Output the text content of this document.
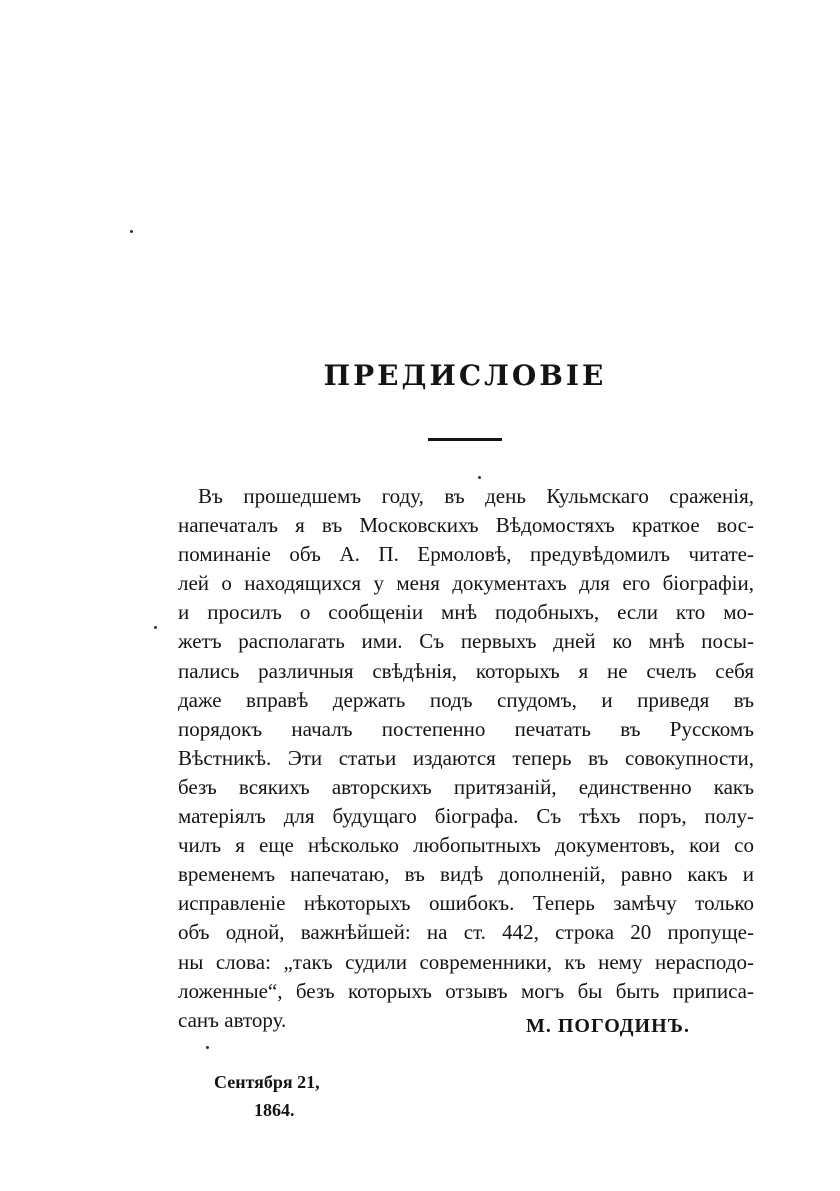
ПРЕДИСЛОВІЕ
Въ прошедшемъ году, въ день Кульмскаго сраженія,
напечаталъ я въ Московскихъ Вѣдомостяхъ краткое вос-
поминаніе объ А. П. Ермоловѣ, предувѣдомилъ читате-
лей о находящихся у меня документахъ для его біографіи,
и просилъ о сообщеніи мнѣ подобныхъ, если кто мо-
жетъ располагать ими. Съ первыхъ дней ко мнѣ посы-
пались различныя свѣдѣнія, которыхъ я не счелъ себя
даже вправѣ держать подъ спудомъ, и приведя въ
порядокъ началъ постепенно печатать въ Русскомъ
Вѣстникѣ. Эти статьи издаются теперь въ совокупности,
безъ всякихъ авторскихъ притязаній, единственно какъ
матеріялъ для будущаго біографа. Съ тѣхъ поръ, полу-
чилъ я еще нѣсколько любопытныхъ документовъ, кои со
временемъ напечатаю, въ видѣ дополненій, равно какъ и
исправленіе нѣкоторыхъ ошибокъ. Теперь замѣчу только
объ одной, важнѣйшей: на ст. 442, строка 20 пропуще-
ны слова: „такъ судили современники, къ нему нерасподо-
ложенные“, безъ которыхъ отзывъ могъ бы быть приписа-
санъ автору.	М. ПОГОДИНЪ.
Сентября 21,
1864.
